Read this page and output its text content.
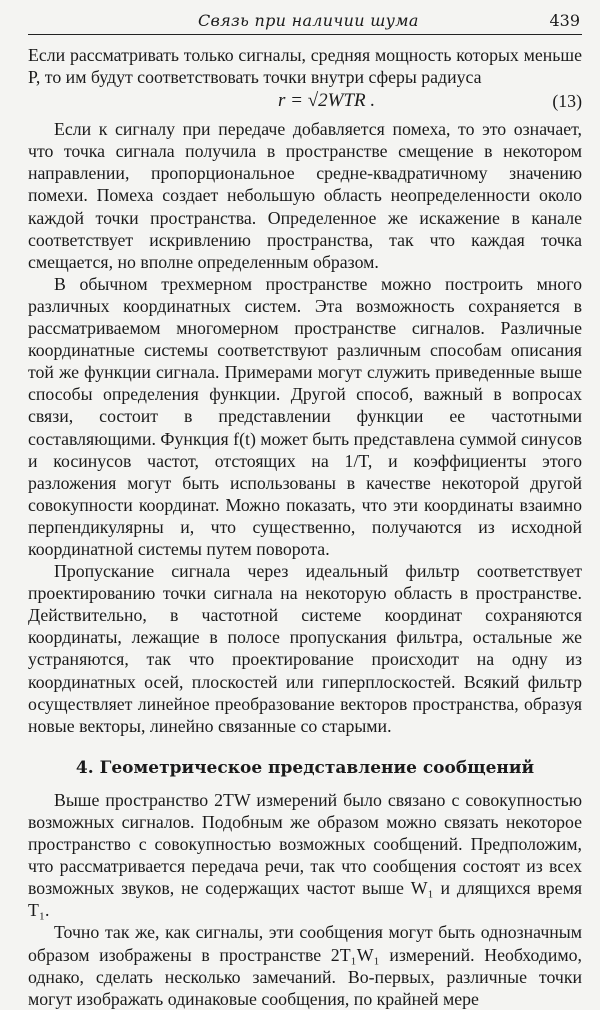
Связь при наличии шума	439

Если рассматривать только сигналы, средняя мощность которых меньше P, то им будут соответствовать точки внутри сферы радиуса

r = √2WTR .	(13)

Если к сигналу при передаче добавляется помеха, то это означает, что точка сигнала получила в пространстве смещение в некотором направлении, пропорциональное средне-квадратичному значению помехи. Помеха создает небольшую область неопределенности около каждой точки пространства. Определенное же искажение в канале соответствует искривлению пространства, так что каждая точка смещается, но вполне определенным образом.

В обычном трехмерном пространстве можно построить много различных координатных систем. Эта возможность сохраняется в рассматриваемом многомерном пространстве сигналов. Различные координатные системы соответствуют различным способам описания той же функции сигнала. Примерами могут служить приведенные выше способы определения функции. Другой способ, важный в вопросах связи, состоит в представлении функции ее частотными составляющими. Функция f(t) может быть представлена суммой синусов и косинусов частот, отстоящих на 1/T, и коэффициенты этого разложения могут быть использованы в качестве некоторой другой совокупности координат. Можно показать, что эти координаты взаимно перпендикулярны и, что существенно, получаются из исходной координатной системы путем поворота.

Пропускание сигнала через идеальный фильтр соответствует проектированию точки сигнала на некоторую область в пространстве. Действительно, в частотной системе координат сохраняются координаты, лежащие в полосе пропускания фильтра, остальные же устраняются, так что проектирование происходит на одну из координатных осей, плоскостей или гиперплоскостей. Всякий фильтр осуществляет линейное преобразование векторов пространства, образуя новые векторы, линейно связанные со старыми.

4. Геометрическое представление сообщений

Выше пространство 2TW измерений было связано с совокупностью возможных сигналов. Подобным же образом можно связать некоторое пространство с совокупностью возможных сообщений. Предположим, что рассматривается передача речи, так что сообщения состоят из всех возможных звуков, не содержащих частот выше W₁ и длящихся время T₁.

Точно так же, как сигналы, эти сообщения могут быть однозначным образом изображены в пространстве 2T₁W₁ измерений. Необходимо, однако, сделать несколько замечаний. Во-первых, различные точки могут изображать одинаковые сообщения, по крайней мере
